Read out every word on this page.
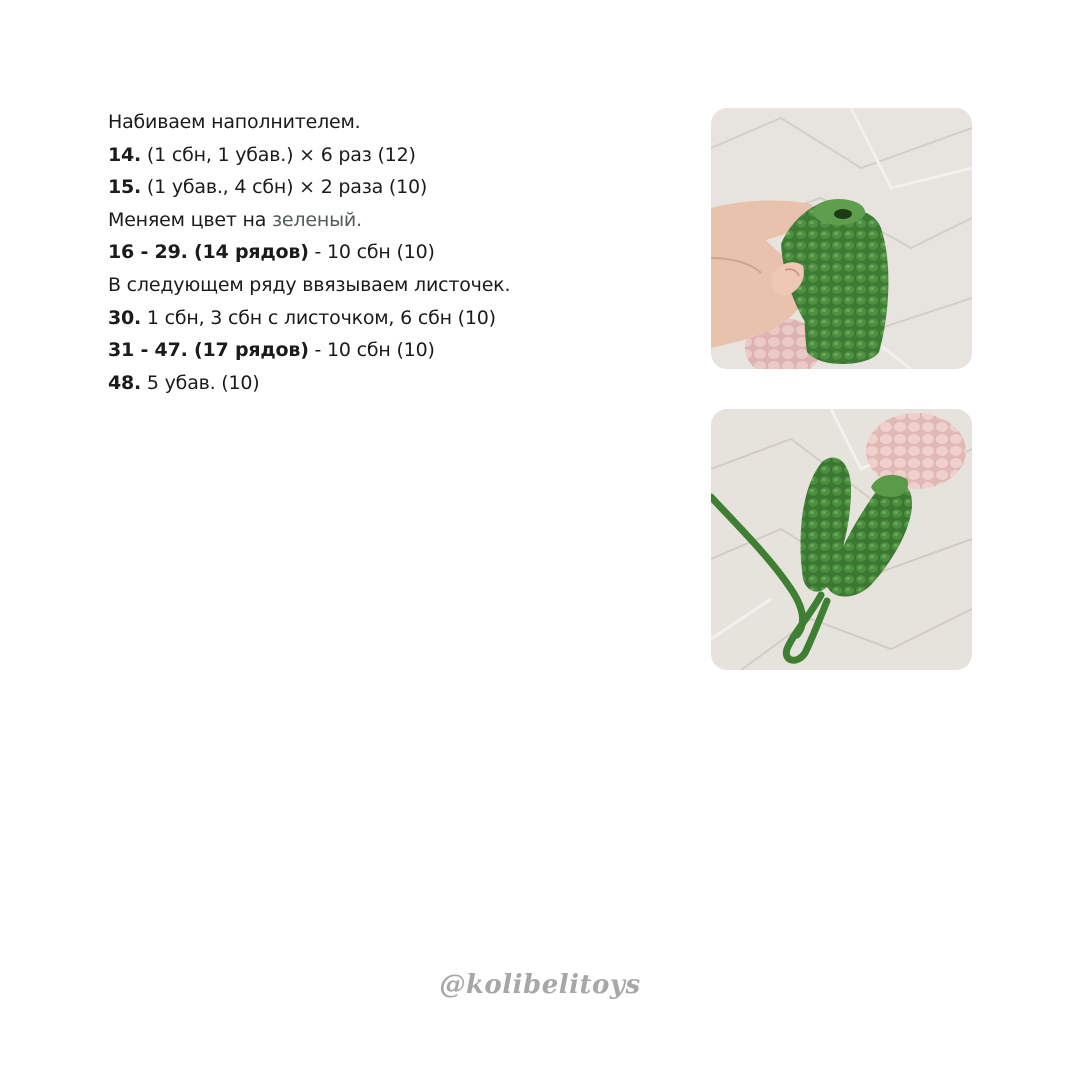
Набиваем наполнителем.
14. (1 сбн, 1 убав.) × 6 раз (12)
15. (1 убав., 4 сбн) × 2 раза (10)
Меняем цвет на зеленый.
16 - 29. (14 рядов) - 10 сбн (10)
В следующем ряду ввязываем листочек.
30. 1 сбн, 3 сбн с листочком, 6 сбн (10)
31 - 47. (17 рядов) - 10 сбн (10)
48. 5 убав. (10)
@kolibelitoys
